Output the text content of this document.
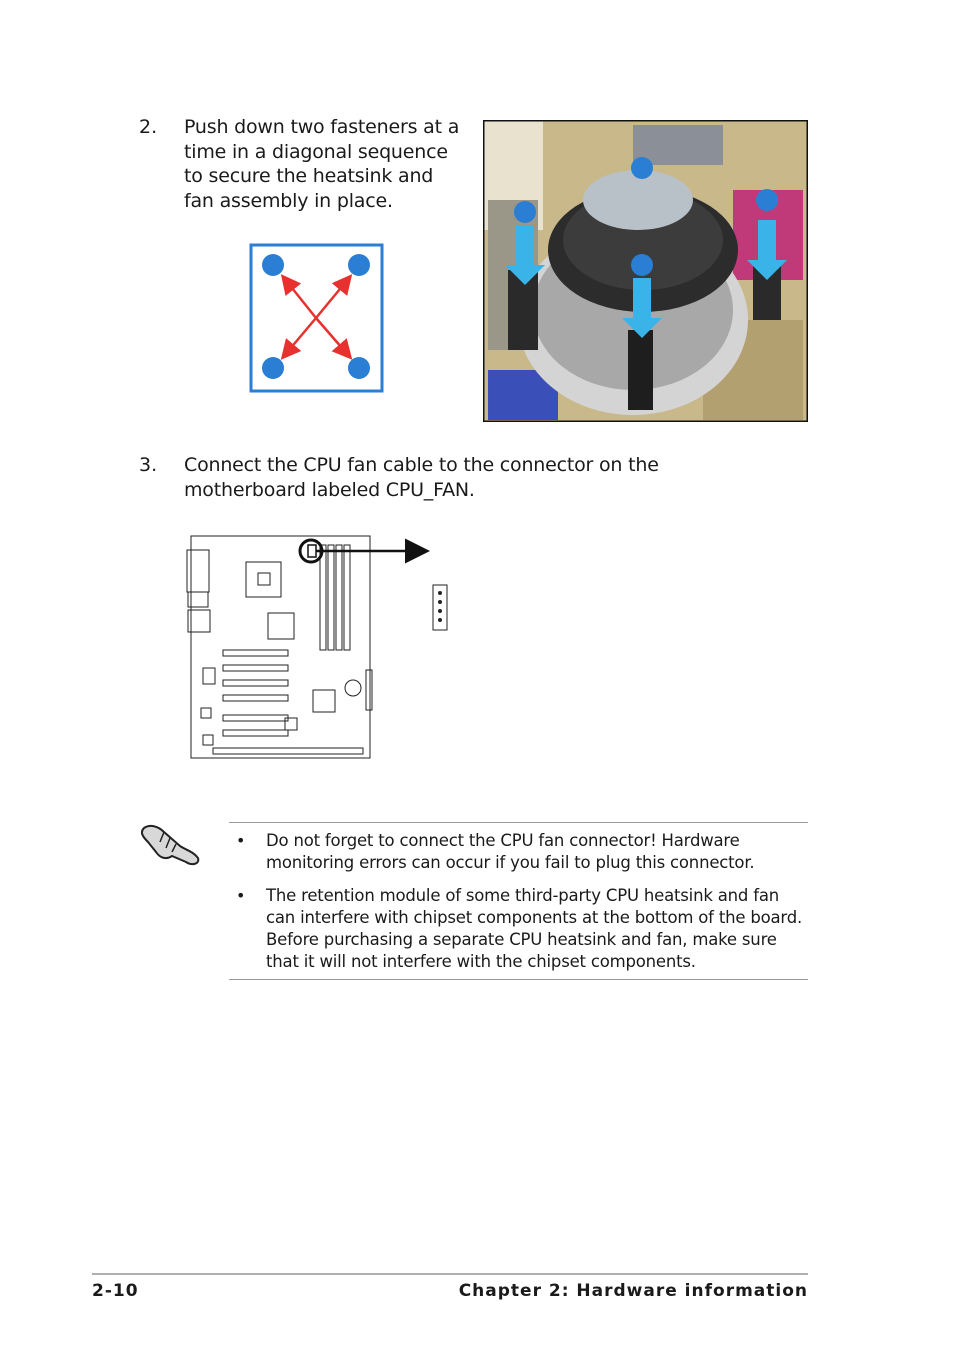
2. Push down two fasteners at a time in a diagonal sequence to secure the heatsink and fan assembly in place.
3. Connect the CPU fan cable to the connector on the motherboard labeled CPU_FAN.
• Do not forget to connect the CPU fan connector! Hardware monitoring errors can occur if you fail to plug this connector.
• The retention module of some third-party CPU heatsink and fan can interfere with chipset components at the bottom of the board. Before purchasing a separate CPU heatsink and fan, make sure that it will not interfere with the chipset components.
2-10	Chapter 2: Hardware information
